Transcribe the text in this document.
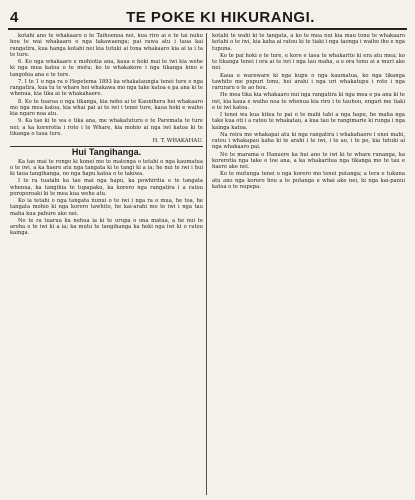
4	TE POKE KI HIKURANGI.

kotahi ano te whakaaro o te Taihoenoa nei, kua riro ai e te tai nuku hou te wai whakaaro o nga takawaenga; pai rawa atu i taua kai rangatira, kua hanga kotahi nei kia tutuki ai tona whakaaro kia ai ia i ta te ture.

6. Ko nga whakaaro e mohiotia ana, kaua e hoki mai te iwi kia wehe ki nga mea katoa o te motu; ko te whakakore i nga tikanga kino e tangohia ana e te ture.

7. I te 1 o nga ra o Hepetema 1893 ka whakataungia tenei ture e nga rangatira, kua tu te whare hei whakawa mo nga take katoa e pa ana ki te whenua, kia tika ai te whakahaere.

8. Ko te tuarua o nga tikanga, kia noho ai te Kaunihera hei whakaaro mo nga mea katoa, kia whai pai ai te iwi i tenei ture, kaua hoki e waiho kia ngaro noa atu.

9. Ka tae ki te wa e tika ana, me whakatuturu e te Paremata te ture nei; a ka korerotia i roto i te Whare, kia mohio ai nga iwi katoa ki te tikanga o taua ture.

H. T. WHAKAHAU.
Hui Tangihanga.

Ka tae mai te rongo ki konei mo te matenga o tetahi o nga kaumatua o te iwi, a ka haere atu nga tangata ki te tangi ki a ia; he nui te iwi i hui ki taua tangihanga, no nga hapu katoa o te takiwa.

I te ra tuatahi ka tae mai nga hapu, ka powhiritia e te tangata whenua, ka tangihia te tupapaku, ka korero nga rangatira i a ratou poroporoaki ki te mea kua wehe atu.

Ko ia tetahi o nga tangata nunui o te iwi i nga ra o mua, he toa, he tangata mohio ki nga korero tawhito, he kai-arahi mo te iwi i nga tau maha kua pahure ake nei.

No te ra tuarua ka nehua ia ki te urupa o ona matua, a he nui te aroha o te iwi ki a ia; ka mutu te tangihanga ka hoki nga iwi ki o ratou kainga.

kotahi te wahi ki te tangata, a ko te mea nui kia mau tonu te whakaaro kotahi o te iwi, kia kaha ai ratou ki te tiaki i nga taonga i waiho iho e nga tupuna.

Ko te pai hoki o te ture, e kore e taea te whakarite ki era atu mea; ko te tikanga tenei i ora ai te iwi i nga tau maha, a e ora tonu ai a muri ake nei.

Kaua e wareware ki nga kupu o nga kaumatua, ko nga tikanga tawhito me pupuri tonu, hei arahi i nga uri whakatupu i roto i nga raruraru o te ao hou.

He mea tika kia whakaaro nui nga rangatira ki nga mea e pa ana ki te iwi, kia kaua e waiho noa te whenua kia riro i te tauhou, engari me tiaki e te iwi katoa.

I tenei wa kua kitea te pai o te mahi tahi a nga hapu, he maha nga take kua oti i a ratou te whakatau, a kua tau te rangimarie ki runga i nga kainga katoa.

Na reira me whakapai atu ki nga rangatira i whakahaere i enei mahi, ratou i whakapau kaha ki te arahi i te iwi, i te ao, i te po, kia tutuki ai nga whakaaro pai.

No te marama o Hanuere ka hui ano te iwi ki te whare runanga, ka korerotia nga take e toe ana, a ka whakaritea nga tikanga mo te tau e haere ake nei.

Ko te mutunga tenei o nga korero mo tenei putanga; a tera e tukuna atu ano nga korero hou a te putanga e whai ake nei, ki nga kai-panui katoa o te nupepa.
